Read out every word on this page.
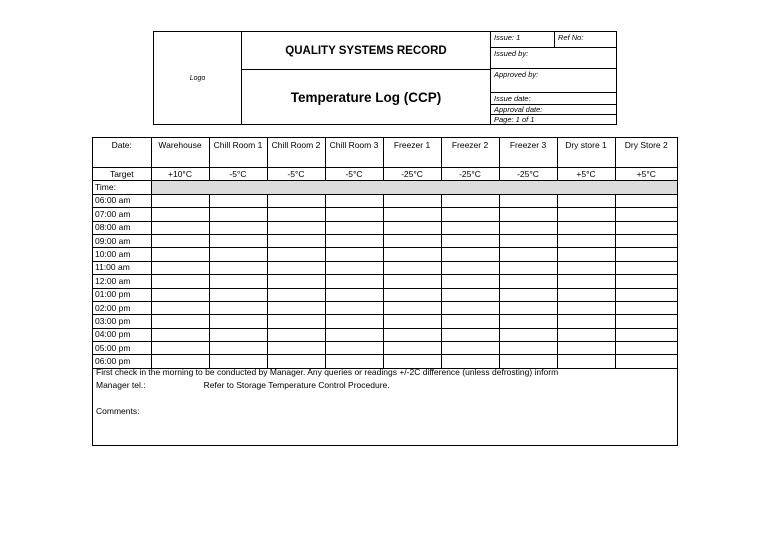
Logo
QUALITY SYSTEMS RECORD
Temperature Log (CCP)
Issue: 1	Ref No:
Issued by:
Approved by:
Issue date:
Approval date:
Page: 1 of 1
Date:	Warehouse	Chill Room 1	Chill Room 2	Chill Room 3	Freezer 1	Freezer 2	Freezer 3	Dry store 1	Dry Store 2
Target	+10°C	-5°C	-5°C	-5°C	-25°C	-25°C	-25°C	+5°C	+5°C
Time:									
06:00 am									
07:00 am									
08:00 am									
09:00 am									
10:00 am									
11:00 am									
12:00 am									
01:00 pm									
02:00 pm									
03:00 pm									
04:00 pm									
05:00 pm									
06:00 pm									
First check in the morning to be conducted by Manager. Any queries or readings +/-2C difference (unless defrosting) inform
Manager tel.:	Refer to Storage Temperature Control Procedure.
Comments:
